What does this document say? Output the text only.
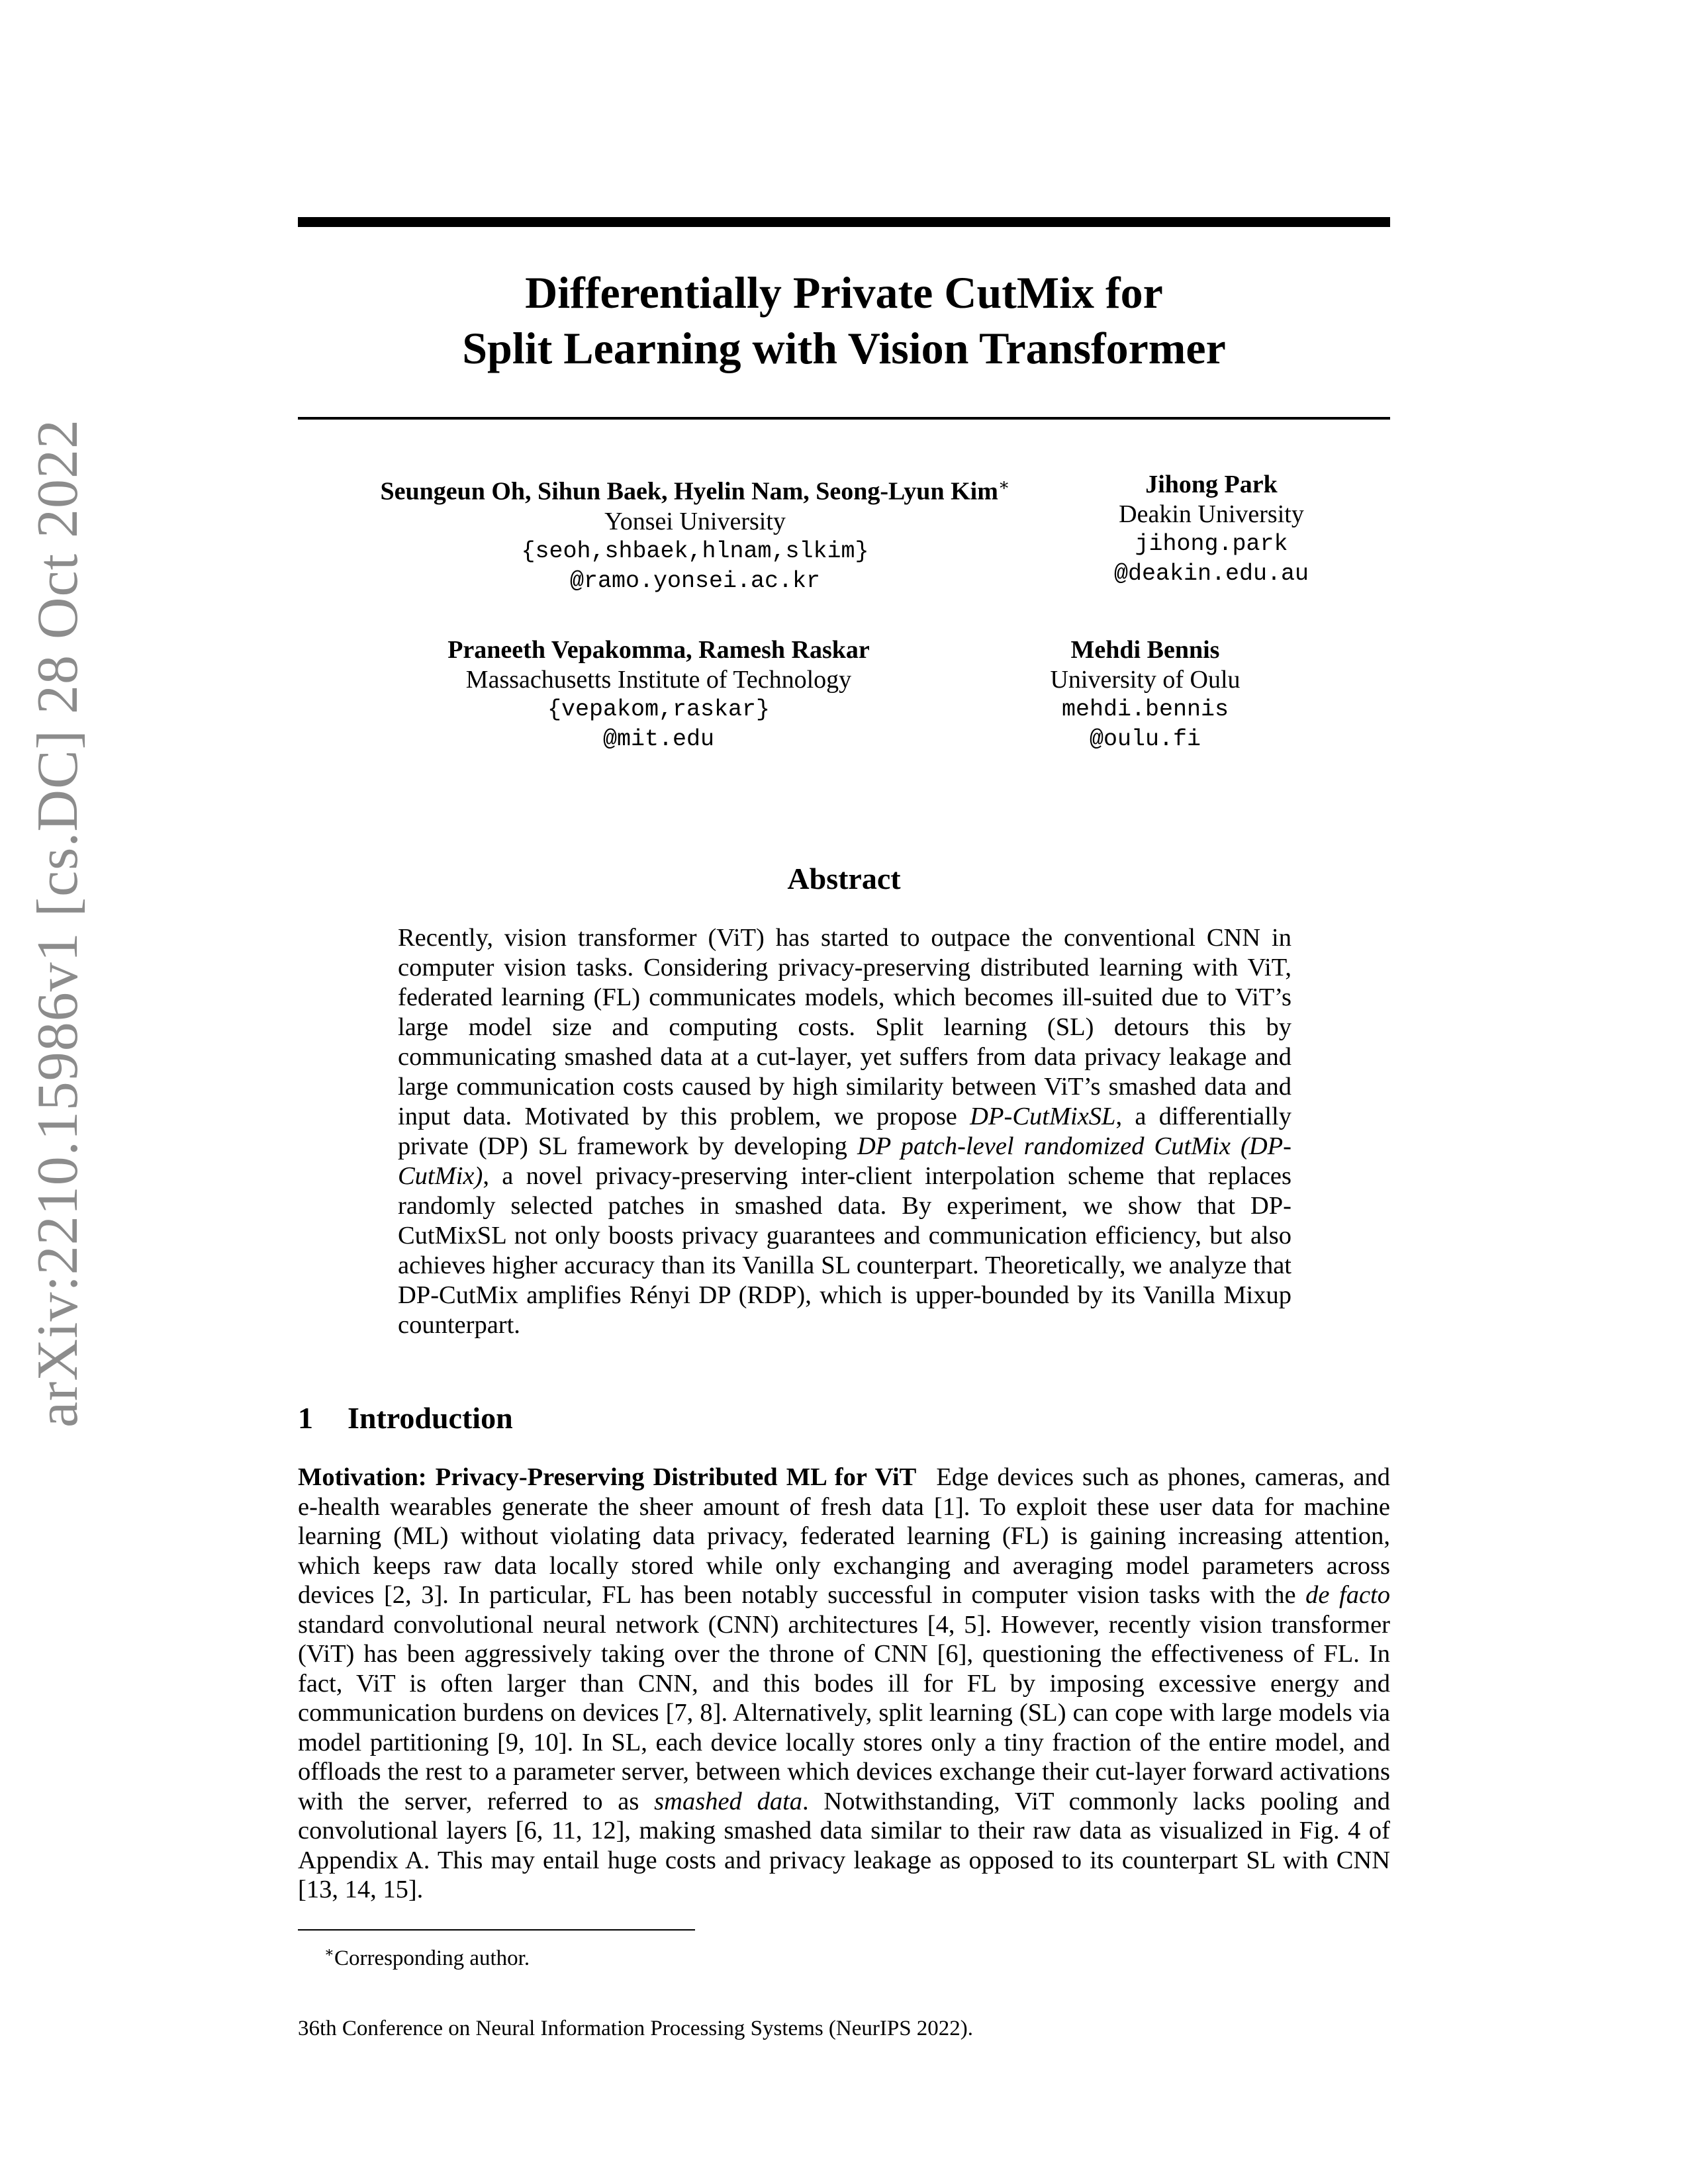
arXiv:2210.15986v1 [cs.DC] 28 Oct 2022
Differentially Private CutMix for
Split Learning with Vision Transformer
Seungeun Oh, Sihun Baek, Hyelin Nam, Seong-Lyun Kim∗
Yonsei University
{seoh,shbaek,hlnam,slkim}
@ramo.yonsei.ac.kr
Jihong Park
Deakin University
jihong.park
@deakin.edu.au
Praneeth Vepakomma, Ramesh Raskar
Massachusetts Institute of Technology
{vepakom,raskar}
@mit.edu
Mehdi Bennis
University of Oulu
mehdi.bennis
@oulu.fi
Abstract
Recently, vision transformer (ViT) has started to outpace the conventional CNN in computer vision tasks. Considering privacy-preserving distributed learning with ViT, federated learning (FL) communicates models, which becomes ill-suited due to ViT’s large model size and computing costs. Split learning (SL) detours this by communicating smashed data at a cut-layer, yet suffers from data privacy leakage and large communication costs caused by high similarity between ViT’s smashed data and input data. Motivated by this problem, we propose DP-CutMixSL, a differentially private (DP) SL framework by developing DP patch-level randomized CutMix (DP-CutMix), a novel privacy-preserving inter-client interpolation scheme that replaces randomly selected patches in smashed data. By experiment, we show that DP-CutMixSL not only boosts privacy guarantees and communication efficiency, but also achieves higher accuracy than its Vanilla SL counterpart. Theoretically, we analyze that DP-CutMix amplifies Rényi DP (RDP), which is upper-bounded by its Vanilla Mixup counterpart.
1 Introduction
Motivation: Privacy-Preserving Distributed ML for ViT Edge devices such as phones, cameras, and e-health wearables generate the sheer amount of fresh data [1]. To exploit these user data for machine learning (ML) without violating data privacy, federated learning (FL) is gaining increasing attention, which keeps raw data locally stored while only exchanging and averaging model parameters across devices [2, 3]. In particular, FL has been notably successful in computer vision tasks with the de facto standard convolutional neural network (CNN) architectures [4, 5]. However, recently vision transformer (ViT) has been aggressively taking over the throne of CNN [6], questioning the effectiveness of FL. In fact, ViT is often larger than CNN, and this bodes ill for FL by imposing excessive energy and communication burdens on devices [7, 8]. Alternatively, split learning (SL) can cope with large models via model partitioning [9, 10]. In SL, each device locally stores only a tiny fraction of the entire model, and offloads the rest to a parameter server, between which devices exchange their cut-layer forward activations with the server, referred to as smashed data. Notwithstanding, ViT commonly lacks pooling and convolutional layers [6, 11, 12], making smashed data similar to their raw data as visualized in Fig. 4 of Appendix A. This may entail huge costs and privacy leakage as opposed to its counterpart SL with CNN [13, 14, 15].
∗Corresponding author.
36th Conference on Neural Information Processing Systems (NeurIPS 2022).
